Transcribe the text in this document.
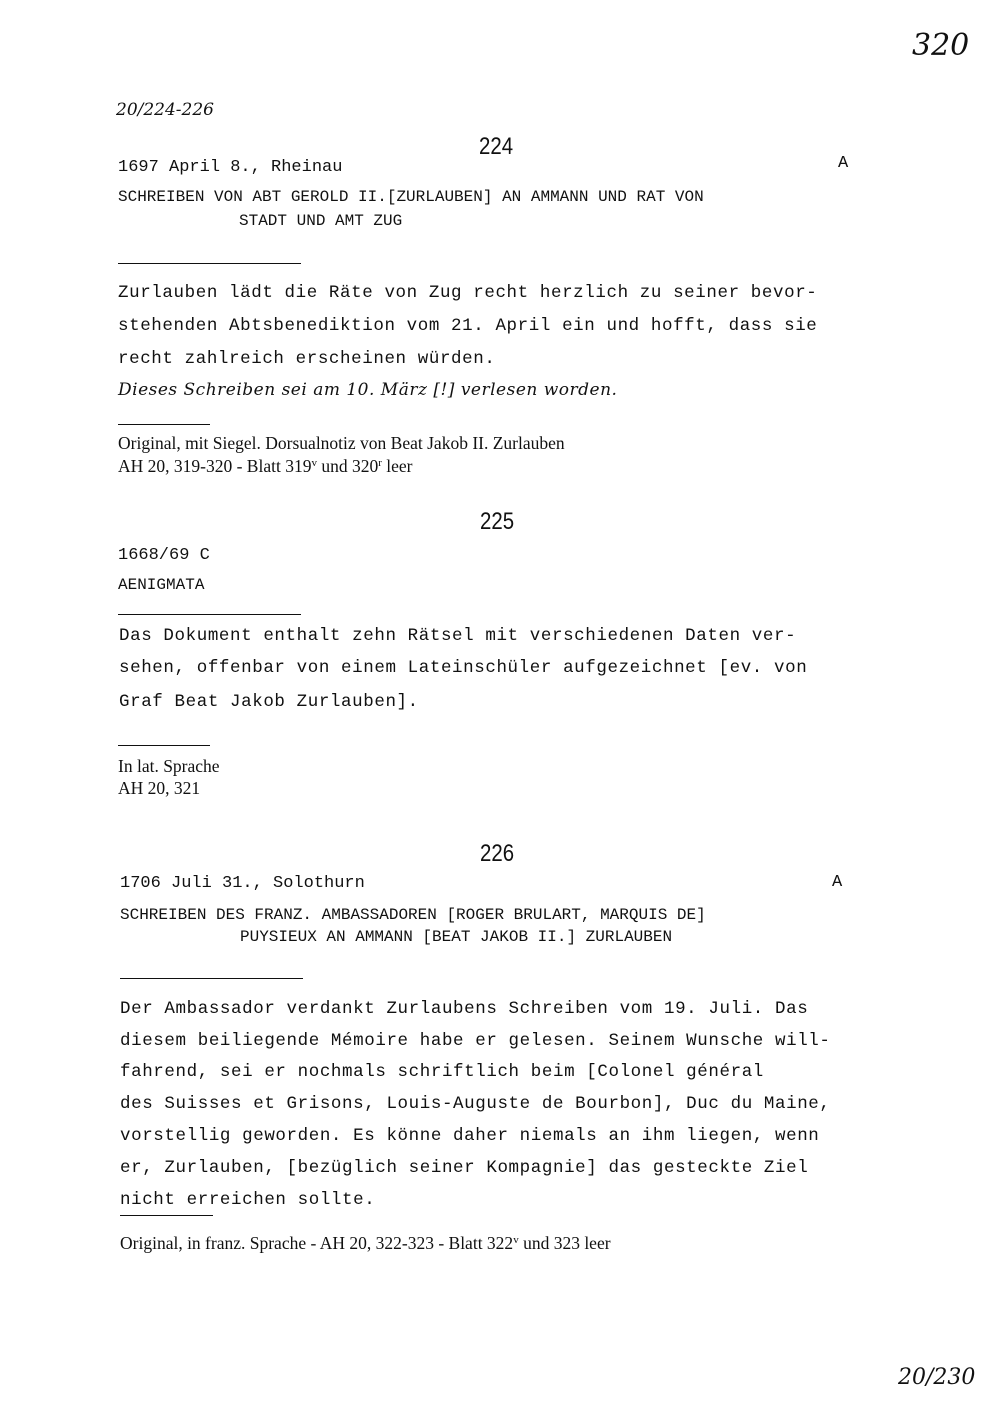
320
20/224-226
224
1697 April 8., Rheinau	A
SCHREIBEN VON ABT GEROLD II.[ZURLAUBEN] AN AMMANN UND RAT VON
STADT UND AMT ZUG
Zurlauben lädt die Räte von Zug recht herzlich zu seiner bevor-
stehenden Abtsbenediktion vom 21. April ein und hofft, dass sie
recht zahlreich erscheinen würden.
Dieses Schreiben sei am 10. März [!] verlesen worden.
Original, mit Siegel. Dorsualnotiz von Beat Jakob II. Zurlauben
AH 20, 319-320 - Blatt 319$^v$ und 320$^r$ leer
225
1668/69 C
AENIGMATA
Das Dokument enthalt zehn Rätsel mit verschiedenen Daten ver-
sehen, offenbar von einem Lateinschüler aufgezeichnet [ev. von
Graf Beat Jakob Zurlauben].
In lat. Sprache
AH 20, 321
226
1706 Juli 31., Solothurn	A
SCHREIBEN DES FRANZ. AMBASSADOREN [ROGER BRULART, MARQUIS DE]
PUYSIEUX AN AMMANN [BEAT JAKOB II.] ZURLAUBEN
Der Ambassador verdankt Zurlaubens Schreiben vom 19. Juli. Das
diesem beiliegende Mémoire habe er gelesen. Seinem Wunsche will-
fahrend, sei er nochmals schriftlich beim [Colonel général
des Suisses et Grisons, Louis-Auguste de Bourbon], Duc du Maine,
vorstellig geworden. Es könne daher niemals an ihm liegen, wenn
er, Zurlauben, [bezüglich seiner Kompagnie] das gesteckte Ziel
nicht erreichen sollte.
Original, in franz. Sprache - AH 20, 322-323 - Blatt 322$^v$ und 323 leer
20/230
